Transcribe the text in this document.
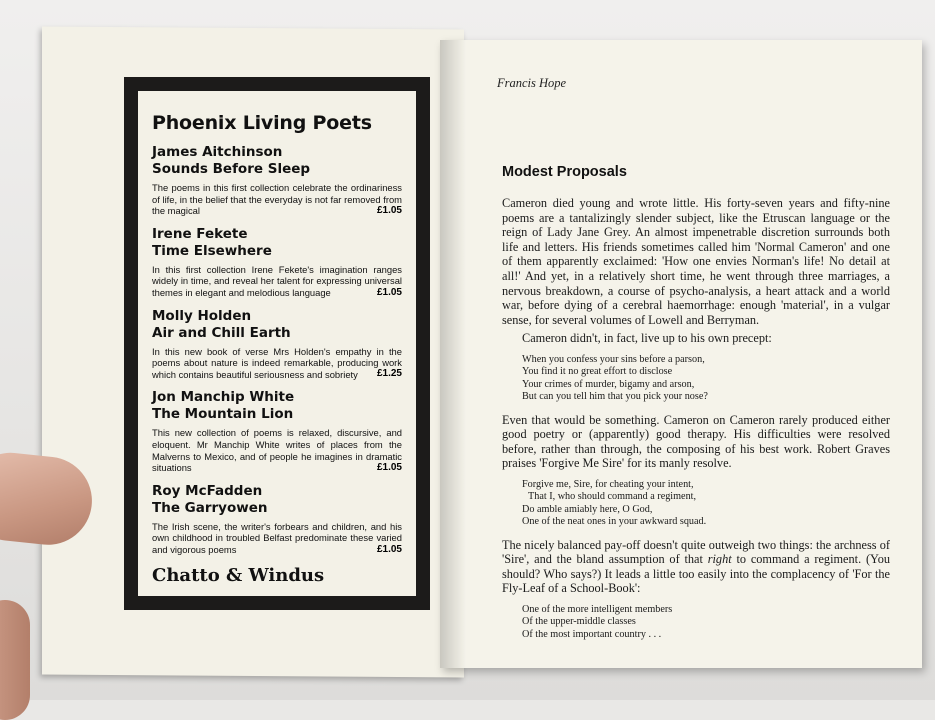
Phoenix Living Poets
James Aitchinson
Sounds Before Sleep
The poems in this first collection celebrate the ordinariness of life, in the belief that the everyday is not far removed from the magical	£1.05
Irene Fekete
Time Elsewhere
In this first collection Irene Fekete's imagination ranges widely in time, and reveal her talent for expressing universal themes in elegant and melodious language	£1.05
Molly Holden
Air and Chill Earth
In this new book of verse Mrs Holden's empathy in the poems about nature is indeed remarkable, producing work which contains beautiful seriousness and sobriety	£1.25
Jon Manchip White
The Mountain Lion
This new collection of poems is relaxed, discursive, and eloquent. Mr Manchip White writes of places from the Malverns to Mexico, and of people he imagines in dramatic situations	£1.05
Roy McFadden
The Garryowen
The Irish scene, the writer's forbears and children, and his own childhood in troubled Belfast predominate these varied and vigorous poems	£1.05
Chatto & Windus
Francis Hope
Modest Proposals

Cameron died young and wrote little. His forty-seven years and fifty-nine poems are a tantalizingly slender subject, like the Etruscan language or the reign of Lady Jane Grey. An almost impenetrable discretion surrounds both life and letters. His friends sometimes called him 'Normal Cameron' and one of them apparently exclaimed: 'How one envies Norman's life! No detail at all!' And yet, in a relatively short time, he went through three marriages, a nervous breakdown, a course of psycho-analysis, a heart attack and a world war, before dying of a cerebral haemorrhage: enough 'material', in a vulgar sense, for several volumes of Lowell and Berryman.

Cameron didn't, in fact, live up to his own precept:

When you confess your sins before a parson,
You find it no great effort to disclose
Your crimes of murder, bigamy and arson,
But can you tell him that you pick your nose?

Even that would be something. Cameron on Cameron rarely produced either good poetry or (apparently) good therapy. His difficulties were resolved before, rather than through, the composing of his best work. Robert Graves praises 'Forgive Me Sire' for its manly resolve.

Forgive me, Sire, for cheating your intent,
That I, who should command a regiment,
Do amble amiably here, O God,
One of the neat ones in your awkward squad.

The nicely balanced pay-off doesn't quite outweigh two things: the archness of 'Sire', and the bland assumption of that right to command a regiment. (You should? Who says?) It leads a little too easily into the complacency of 'For the Fly-Leaf of a School-Book':

One of the more intelligent members
Of the upper-middle classes
Of the most important country . . .
